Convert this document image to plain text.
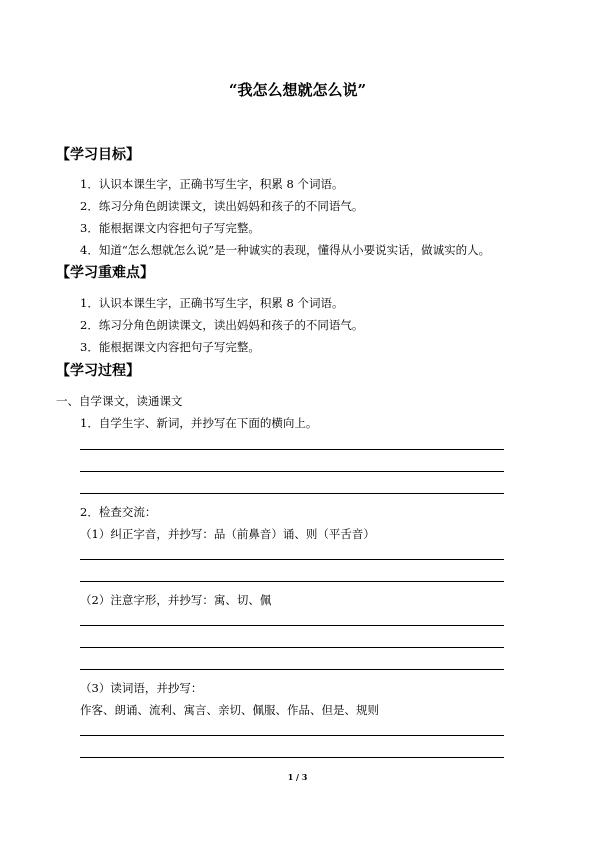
“我怎么想就怎么说”
【学习目标】
1．认识本课生字，正确书写生字，积累 8 个词语。
2．练习分角色朗读课文，读出妈妈和孩子的不同语气。
3．能根据课文内容把句子写完整。
4．知道“怎么想就怎么说”是一种诚实的表现，懂得从小要说实话，做诚实的人。
【学习重难点】
1．认识本课生字，正确书写生字，积累 8 个词语。
2．练习分角色朗读课文，读出妈妈和孩子的不同语气。
3．能根据课文内容把句子写完整。
【学习过程】
一、自学课文，读通课文
1．自学生字、新词，并抄写在下面的横向上。
2．检查交流：
（1）纠正字音，并抄写：品（前鼻音）诵、则（平舌音）
（2）注意字形，并抄写：寓、切、佩
（3）读词语，并抄写：
作客、朗诵、流利、寓言、亲切、佩服、作品、但是、规则
1 / 3
